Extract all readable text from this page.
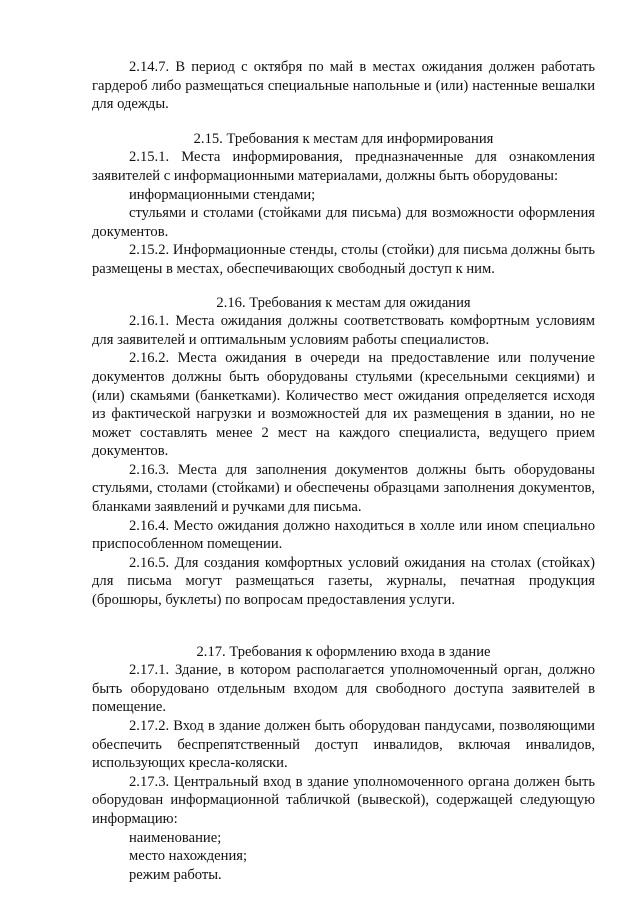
2.14.7. В период с октября по май в местах ожидания должен работать гардероб либо размещаться специальные напольные и (или) настенные вешалки для одежды.

2.15. Требования к местам для информирования

2.15.1. Места информирования, предназначенные для ознакомления заявителей с информационными материалами, должны быть оборудованы:

информационными стендами;

стульями и столами (стойками для письма) для возможности оформления документов.

2.15.2. Информационные стенды, столы (стойки) для письма должны быть размещены в местах, обеспечивающих свободный доступ к ним.

2.16. Требования к местам для ожидания

2.16.1. Места ожидания должны соответствовать комфортным условиям для заявителей и оптимальным условиям работы специалистов.

2.16.2. Места ожидания в очереди на предоставление или получение документов должны быть оборудованы стульями (кресельными секциями) и (или) скамьями (банкетками). Количество мест ожидания определяется исходя из фактической нагрузки и возможностей для их размещения в здании, но не может составлять менее 2 мест на каждого специалиста, ведущего прием документов.

2.16.3. Места для заполнения документов должны быть оборудованы стульями, столами (стойками) и обеспечены образцами заполнения документов, бланками заявлений и ручками для письма.

2.16.4. Место ожидания должно находиться в холле или ином специально приспособленном помещении.

2.16.5. Для создания комфортных условий ожидания на столах (стойках) для письма могут размещаться газеты, журналы, печатная продукция (брошюры, буклеты) по вопросам предоставления услуги.

2.17. Требования к оформлению входа в здание

2.17.1. Здание, в котором располагается уполномоченный орган, должно быть оборудовано отдельным входом для свободного доступа заявителей в помещение.

2.17.2. Вход в здание должен быть оборудован пандусами, позволяющими обеспечить беспрепятственный доступ инвалидов, включая инвалидов, использующих кресла-коляски.

2.17.3. Центральный вход в здание уполномоченного органа должен быть оборудован информационной табличкой (вывеской), содержащей следующую информацию:

наименование;

место нахождения;

режим работы.
